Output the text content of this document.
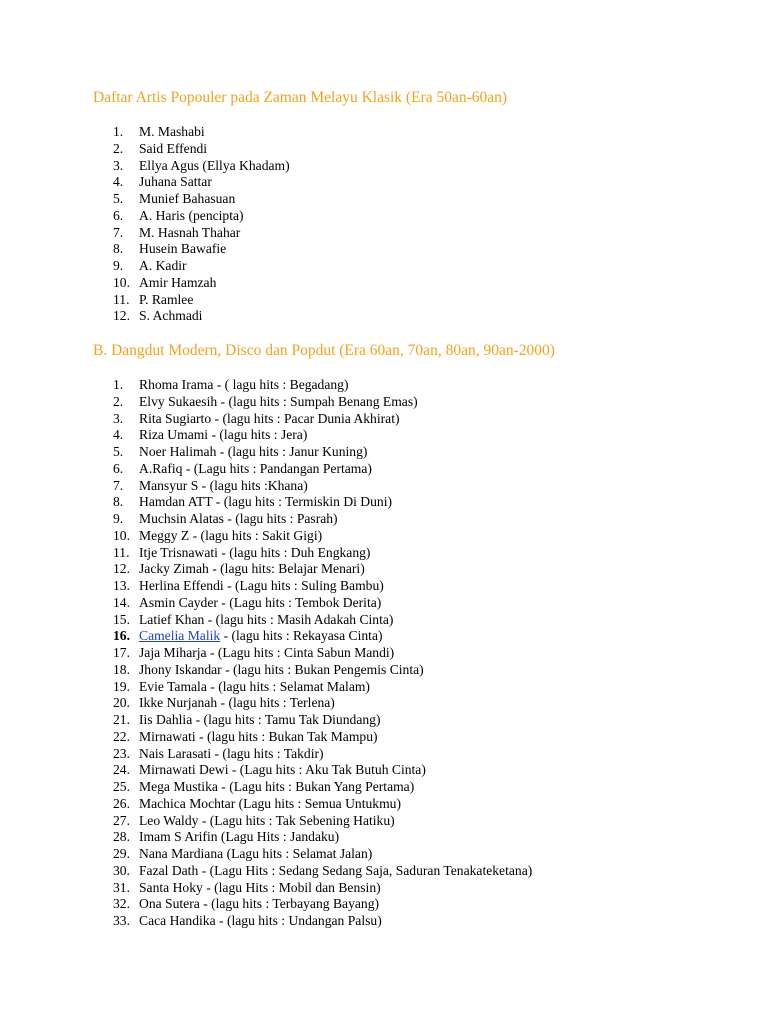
Daftar Artis Popouler pada Zaman Melayu Klasik (Era 50an-60an)
1.	M. Mashabi
2.	Said Effendi
3.	Ellya Agus (Ellya Khadam)
4.	Juhana Sattar
5.	Munief Bahasuan
6.	A. Haris (pencipta)
7.	M. Hasnah Thahar
8.	Husein Bawafie
9.	A. Kadir
10. Amir Hamzah
11. P. Ramlee
12. S. Achmadi
B. Dangdut Modern, Disco dan Popdut (Era 60an, 70an, 80an, 90an-2000)
1.	Rhoma Irama - ( lagu hits : Begadang)
2.	Elvy Sukaesih - (lagu hits : Sumpah Benang Emas)
3.	Rita Sugiarto - (lagu hits : Pacar Dunia Akhirat)
4.	Riza Umami - (lagu hits : Jera)
5.	Noer Halimah - (lagu hits : Janur Kuning)
6.	A.Rafiq - (Lagu hits : Pandangan Pertama)
7.	Mansyur S - (lagu hits :Khana)
8.	Hamdan ATT - (lagu hits : Termiskin Di Duni)
9.	Muchsin Alatas - (lagu hits : Pasrah)
10. Meggy Z - (lagu hits : Sakit Gigi)
11. Itje Trisnawati - (lagu hits : Duh Engkang)
12. Jacky Zimah - (lagu hits: Belajar Menari)
13. Herlina Effendi - (Lagu hits : Suling Bambu)
14. Asmin Cayder - (Lagu hits : Tembok Derita)
15. Latief Khan - (lagu hits : Masih Adakah Cinta)
16. Camelia Malik - (lagu hits : Rekayasa Cinta)
17. Jaja Miharja - (Lagu hits : Cinta Sabun Mandi)
18. Jhony Iskandar - (lagu hits : Bukan Pengemis Cinta)
19. Evie Tamala - (lagu hits : Selamat Malam)
20. Ikke Nurjanah - (lagu hits : Terlena)
21. Iis Dahlia - (lagu hits : Tamu Tak Diundang)
22. Mirnawati - (lagu hits : Bukan Tak Mampu)
23. Nais Larasati - (lagu hits : Takdir)
24. Mirnawati Dewi - (Lagu hits : Aku Tak Butuh Cinta)
25. Mega Mustika - (Lagu hits : Bukan Yang Pertama)
26. Machica Mochtar (Lagu hits : Semua Untukmu)
27. Leo Waldy - (Lagu hits : Tak Sebening Hatiku)
28. Imam S Arifin (Lagu Hits : Jandaku)
29. Nana Mardiana (Lagu hits : Selamat Jalan)
30. Fazal Dath - (Lagu Hits : Sedang Sedang Saja, Saduran Tenakateketana)
31. Santa Hoky - (lagu Hits : Mobil dan Bensin)
32. Ona Sutera - (lagu hits : Terbayang Bayang)
33. Caca Handika - (lagu hits : Undangan Palsu)
